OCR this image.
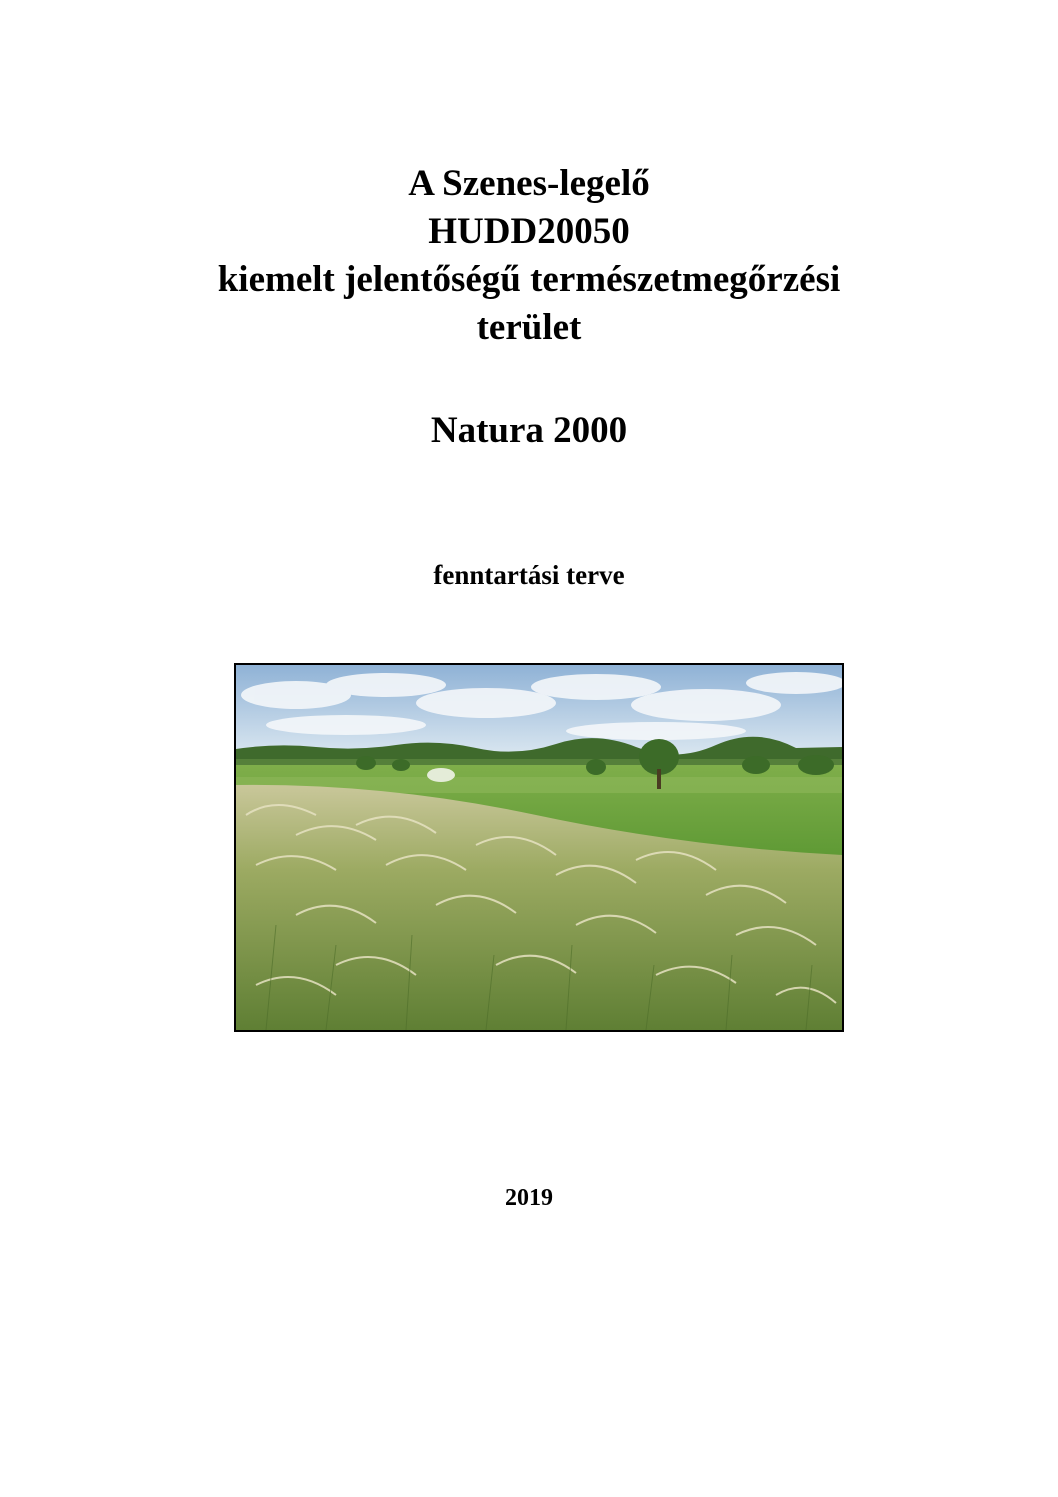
A Szenes-legelő
HUDD20050
kiemelt jelentőségű természetmegőrzési
terület
Natura 2000
fenntartási terve
2019
